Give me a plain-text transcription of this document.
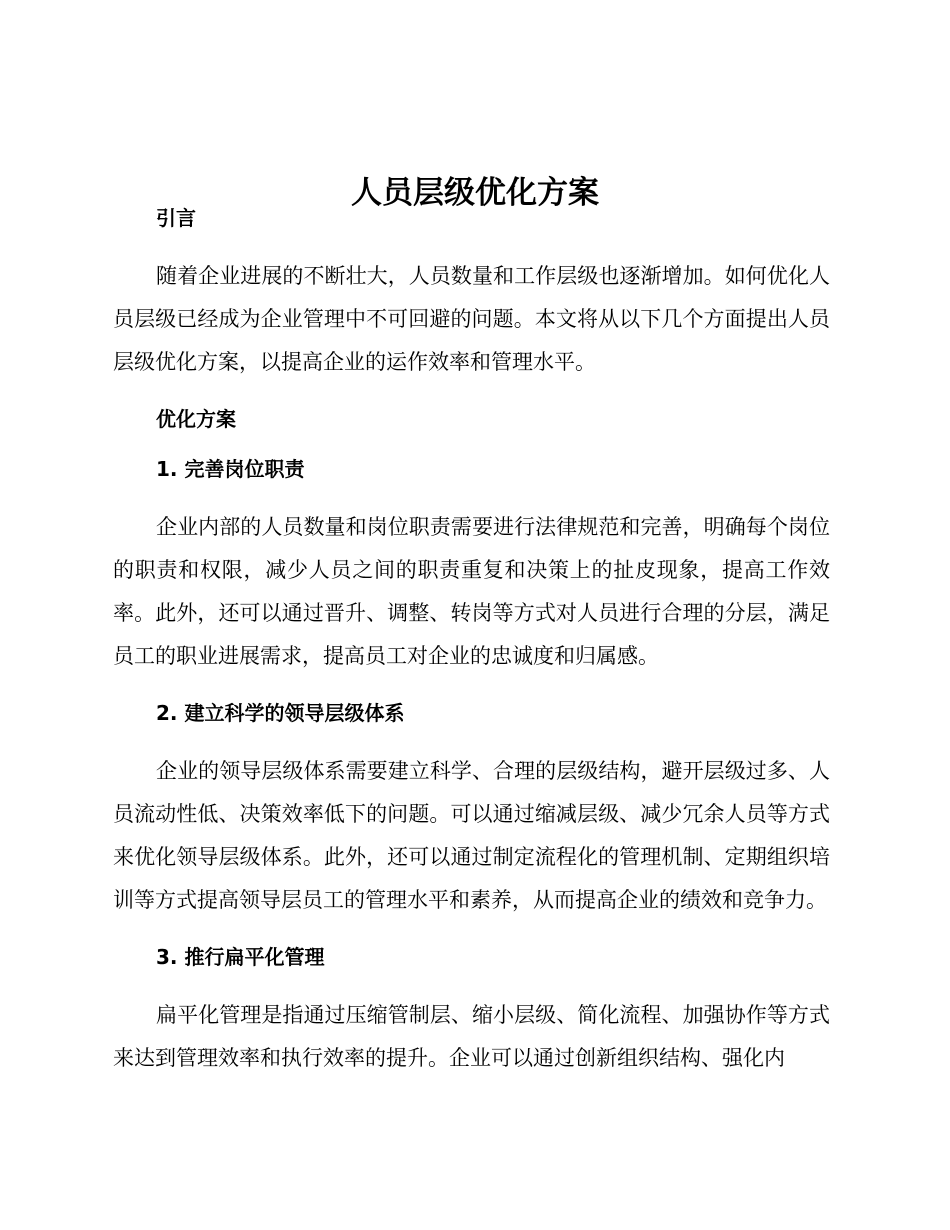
人员层级优化方案

引言

随着企业进展的不断壮大，人员数量和工作层级也逐渐增加。如何优化人员层级已经成为企业管理中不可回避的问题。本文将从以下几个方面提出人员层级优化方案，以提高企业的运作效率和管理水平。

优化方案

1. 完善岗位职责

企业内部的人员数量和岗位职责需要进行法律规范和完善，明确每个岗位的职责和权限，减少人员之间的职责重复和决策上的扯皮现象，提高工作效率。此外，还可以通过晋升、调整、转岗等方式对人员进行合理的分层，满足员工的职业进展需求，提高员工对企业的忠诚度和归属感。

2. 建立科学的领导层级体系

企业的领导层级体系需要建立科学、合理的层级结构，避开层级过多、人员流动性低、决策效率低下的问题。可以通过缩减层级、减少冗余人员等方式来优化领导层级体系。此外，还可以通过制定流程化的管理机制、定期组织培训等方式提高领导层员工的管理水平和素养，从而提高企业的绩效和竞争力。

3. 推行扁平化管理

扁平化管理是指通过压缩管制层、缩小层级、简化流程、加强协作等方式来达到管理效率和执行效率的提升。企业可以通过创新组织结构、强化内
